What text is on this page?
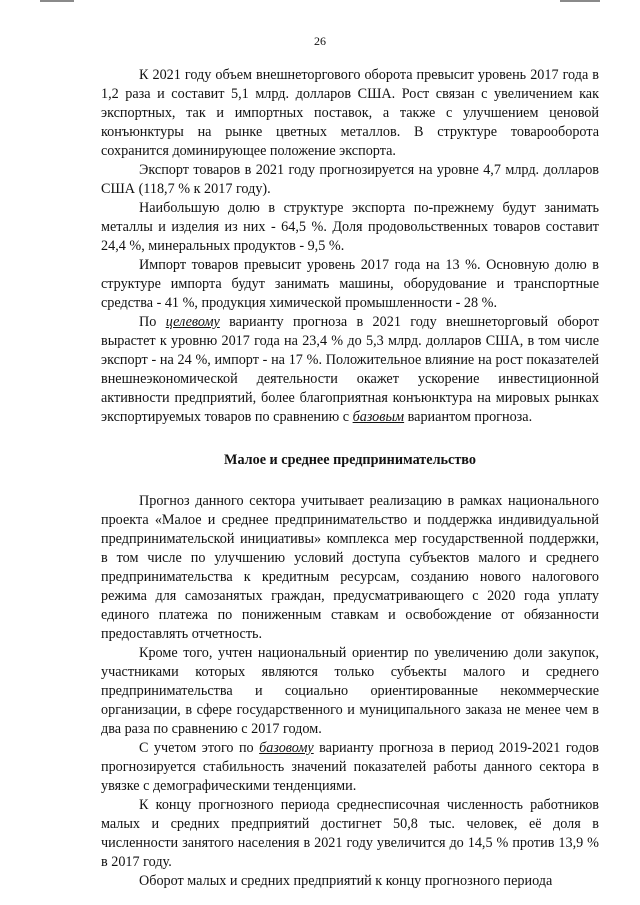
26

К 2021 году объем внешнеторгового оборота превысит уровень 2017 года в 1,2 раза и составит 5,1 млрд. долларов США. Рост связан с увеличением как экспортных, так и импортных поставок, а также с улучшением ценовой конъюнктуры на рынке цветных металлов. В структуре товарооборота сохранится доминирующее положение экспорта.

Экспорт товаров в 2021 году прогнозируется на уровне 4,7 млрд. долларов США (118,7 % к 2017 году).

Наибольшую долю в структуре экспорта по-прежнему будут занимать металлы и изделия из них - 64,5 %. Доля продовольственных товаров составит 24,4 %, минеральных продуктов - 9,5 %.

Импорт товаров превысит уровень 2017 года на 13 %. Основную долю в структуре импорта будут занимать машины, оборудование и транспортные средства - 41 %, продукция химической промышленности - 28 %.

По целевому варианту прогноза в 2021 году внешнеторговый оборот вырастет к уровню 2017 года на 23,4 % до 5,3 млрд. долларов США, в том числе экспорт - на 24 %, импорт - на 17 %. Положительное влияние на рост показателей внешнеэкономической деятельности окажет ускорение инвестиционной активности предприятий, более благоприятная конъюнктура на мировых рынках экспортируемых товаров по сравнению с базовым вариантом прогноза.

Малое и среднее предпринимательство

Прогноз данного сектора учитывает реализацию в рамках национального проекта «Малое и среднее предпринимательство и поддержка индивидуальной предпринимательской инициативы» комплекса мер государственной поддержки, в том числе по улучшению условий доступа субъектов малого и среднего предпринимательства к кредитным ресурсам, созданию нового налогового режима для самозанятых граждан, предусматривающего с 2020 года уплату единого платежа по пониженным ставкам и освобождение от обязанности предоставлять отчетность.

Кроме того, учтен национальный ориентир по увеличению доли закупок, участниками которых являются только субъекты малого и среднего предпринимательства и социально ориентированные некоммерческие организации, в сфере государственного и муниципального заказа не менее чем в два раза по сравнению с 2017 годом.

С учетом этого по базовому варианту прогноза в период 2019-2021 годов прогнозируется стабильность значений показателей работы данного сектора в увязке с демографическими тенденциями.

К концу прогнозного периода среднесписочная численность работников малых и средних предприятий достигнет 50,8 тыс. человек, её доля в численности занятого населения в 2021 году увеличится до 14,5 % против 13,9 % в 2017 году.

Оборот малых и средних предприятий к концу прогнозного периода
